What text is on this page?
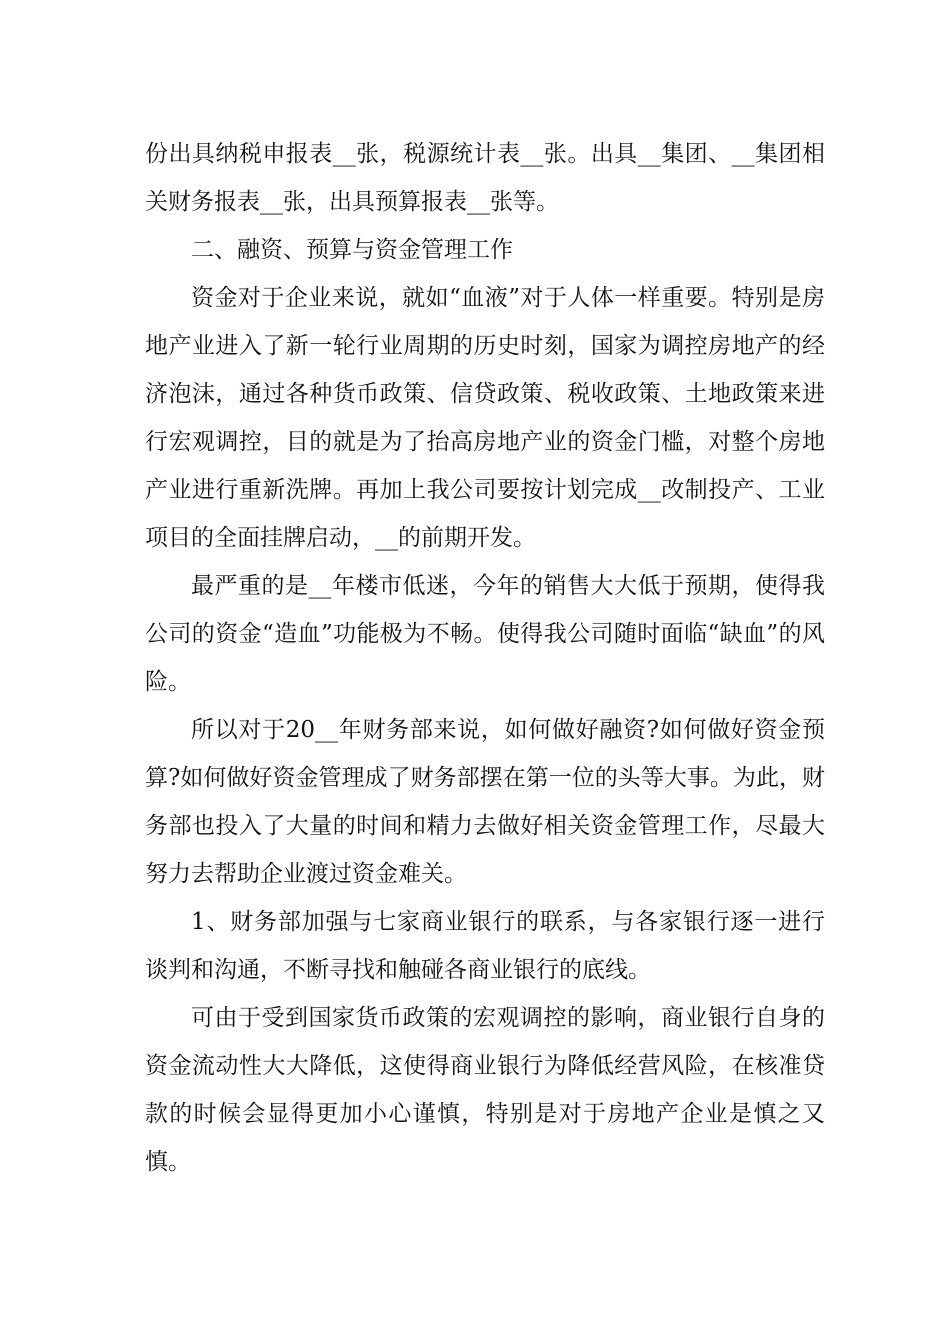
份出具纳税申报表__张，税源统计表__张。出具__集团、__集团相关财务报表__张，出具预算报表__张等。

二、融资、预算与资金管理工作

资金对于企业来说，就如“血液”对于人体一样重要。特别是房地产业进入了新一轮行业周期的历史时刻，国家为调控房地产的经济泡沫，通过各种货币政策、信贷政策、税收政策、土地政策来进行宏观调控，目的就是为了抬高房地产业的资金门槛，对整个房地产业进行重新洗牌。再加上我公司要按计划完成__改制投产、工业项目的全面挂牌启动，__的前期开发。

最严重的是__年楼市低迷，今年的销售大大低于预期，使得我公司的资金“造血”功能极为不畅。使得我公司随时面临“缺血”的风险。

所以对于20__年财务部来说，如何做好融资?如何做好资金预算?如何做好资金管理成了财务部摆在第一位的头等大事。为此，财务部也投入了大量的时间和精力去做好相关资金管理工作，尽最大努力去帮助企业渡过资金难关。

1、财务部加强与七家商业银行的联系，与各家银行逐一进行谈判和沟通，不断寻找和触碰各商业银行的底线。

可由于受到国家货币政策的宏观调控的影响，商业银行自身的资金流动性大大降低，这使得商业银行为降低经营风险，在核准贷款的时候会显得更加小心谨慎，特别是对于房地产企业是慎之又慎。
